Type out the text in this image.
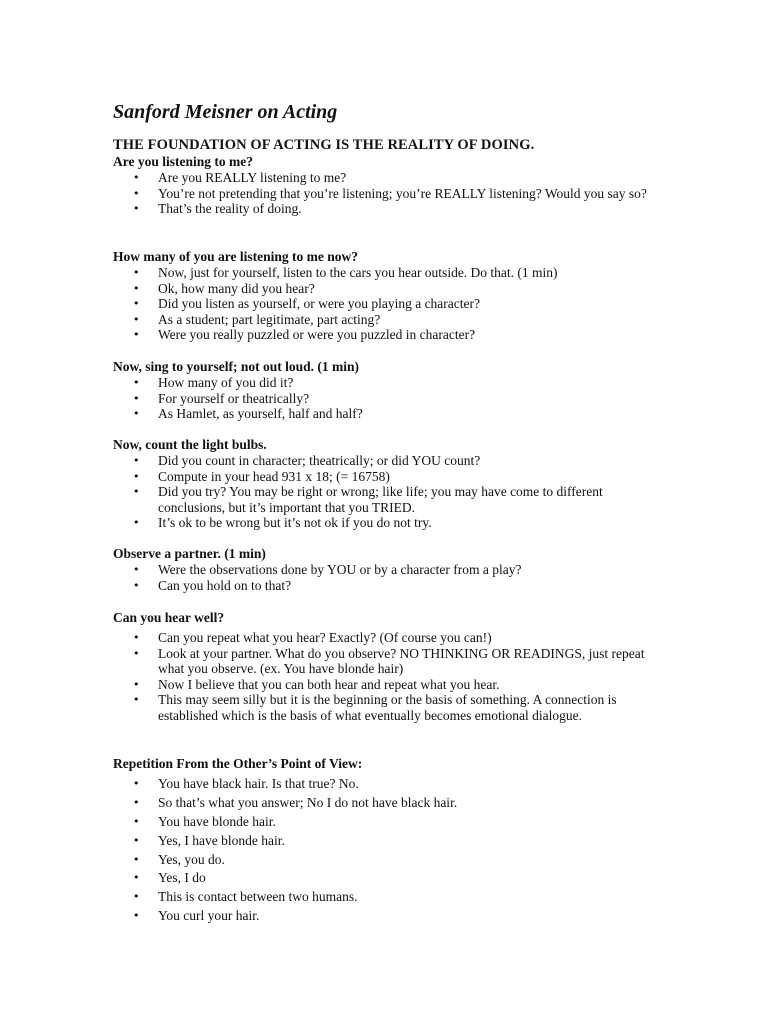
Sanford Meisner on Acting

THE FOUNDATION OF ACTING IS THE REALITY OF DOING.

Are you listening to me?
• Are you REALLY listening to me?
• You’re not pretending that you’re listening; you’re REALLY listening? Would you say so?
• That’s the reality of doing.
How many of you are listening to me now?
• Now, just for yourself, listen to the cars you hear outside. Do that. (1 min)
• Ok, how many did you hear?
• Did you listen as yourself, or were you playing a character?
• As a student; part legitimate, part acting?
• Were you really puzzled or were you puzzled in character?
Now, sing to yourself; not out loud. (1 min)
• How many of you did it?
• For yourself or theatrically?
• As Hamlet, as yourself, half and half?
Now, count the light bulbs.
• Did you count in character; theatrically; or did YOU count?
• Compute in your head 931 x 18; (= 16758)
• Did you try? You may be right or wrong; like life; you may have come to different conclusions, but it’s important that you TRIED.
• It’s ok to be wrong but it’s not ok if you do not try.
Observe a partner. (1 min)
• Were the observations done by YOU or by a character from a play?
• Can you hold on to that?
Can you hear well?
• Can you repeat what you hear? Exactly? (Of course you can!)
• Look at your partner. What do you observe? NO THINKING OR READINGS, just repeat what you observe. (ex. You have blonde hair)
• Now I believe that you can both hear and repeat what you hear.
• This may seem silly but it is the beginning or the basis of something. A connection is established which is the basis of what eventually becomes emotional dialogue.
Repetition From the Other’s Point of View:
• You have black hair. Is that true? No.
• So that’s what you answer; No I do not have black hair.
• You have blonde hair.
• Yes, I have blonde hair.
• Yes, you do.
• Yes, I do
• This is contact between two humans.
• You curl your hair.
